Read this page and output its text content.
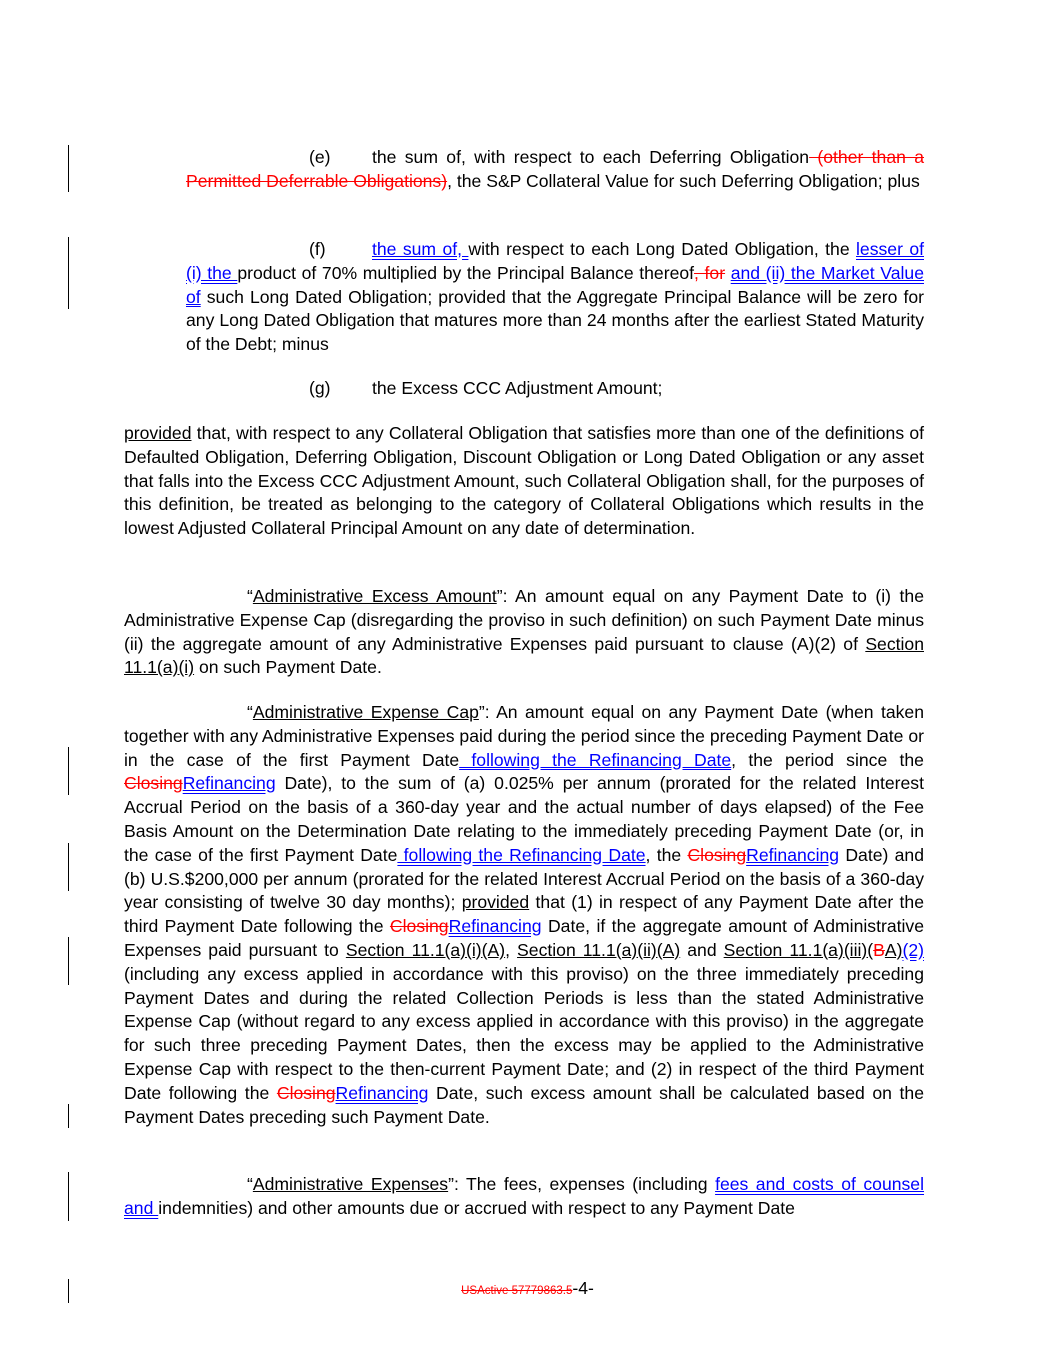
(e) the sum of, with respect to each Deferring Obligation (other than a Permitted Deferrable Obligations), the S&P Collateral Value for such Deferring Obligation; plus
(f)	the sum of, with respect to each Long Dated Obligation, the lesser of (i) the product of 70% multiplied by the Principal Balance thereof, for and (ii) the Market Value of such Long Dated Obligation; provided that the Aggregate Principal Balance will be zero for any Long Dated Obligation that matures more than 24 months after the earliest Stated Maturity of the Debt; minus
(g) the Excess CCC Adjustment Amount;
provided that, with respect to any Collateral Obligation that satisfies more than one of the definitions of Defaulted Obligation, Deferring Obligation, Discount Obligation or Long Dated Obligation or any asset that falls into the Excess CCC Adjustment Amount, such Collateral Obligation shall, for the purposes of this definition, be treated as belonging to the category of Collateral Obligations which results in the lowest Adjusted Collateral Principal Amount on any date of determination.
“Administrative Excess Amount”: An amount equal on any Payment Date to (i) the Administrative Expense Cap (disregarding the proviso in such definition) on such Payment Date minus (ii) the aggregate amount of any Administrative Expenses paid pursuant to clause (A)(2) of Section 11.1(a)(i) on such Payment Date.
“Administrative Expense Cap”: An amount equal on any Payment Date (when taken together with any Administrative Expenses paid during the period since the preceding Payment Date or in the case of the first Payment Date following the Refinancing Date, the period since the ClosingRefinancing Date), to the sum of (a) 0.025% per annum (prorated for the related Interest Accrual Period on the basis of a 360-day year and the actual number of days elapsed) of the Fee Basis Amount on the Determination Date relating to the immediately preceding Payment Date (or, in the case of the first Payment Date following the Refinancing Date, the ClosingRefinancing Date) and (b) U.S.$200,000 per annum (prorated for the related Interest Accrual Period on the basis of a 360-day year consisting of twelve 30 day months); provided that (1) in respect of any Payment Date after the third Payment Date following the ClosingRefinancing Date, if the aggregate amount of Administrative Expenses paid pursuant to Section 11.1(a)(i)(A), Section 11.1(a)(ii)(A) and Section 11.1(a)(iii)(BA)(2) (including any excess applied in accordance with this proviso) on the three immediately preceding Payment Dates and during the related Collection Periods is less than the stated Administrative Expense Cap (without regard to any excess applied in accordance with this proviso) in the aggregate for such three preceding Payment Dates, then the excess may be applied to the Administrative Expense Cap with respect to the then-current Payment Date; and (2) in respect of the third Payment Date following the ClosingRefinancing Date, such excess amount shall be calculated based on the Payment Dates preceding such Payment Date.
“Administrative Expenses”: The fees, expenses (including fees and costs of counsel and indemnities) and other amounts due or accrued with respect to any Payment Date
USActive 57779863.5-4-
